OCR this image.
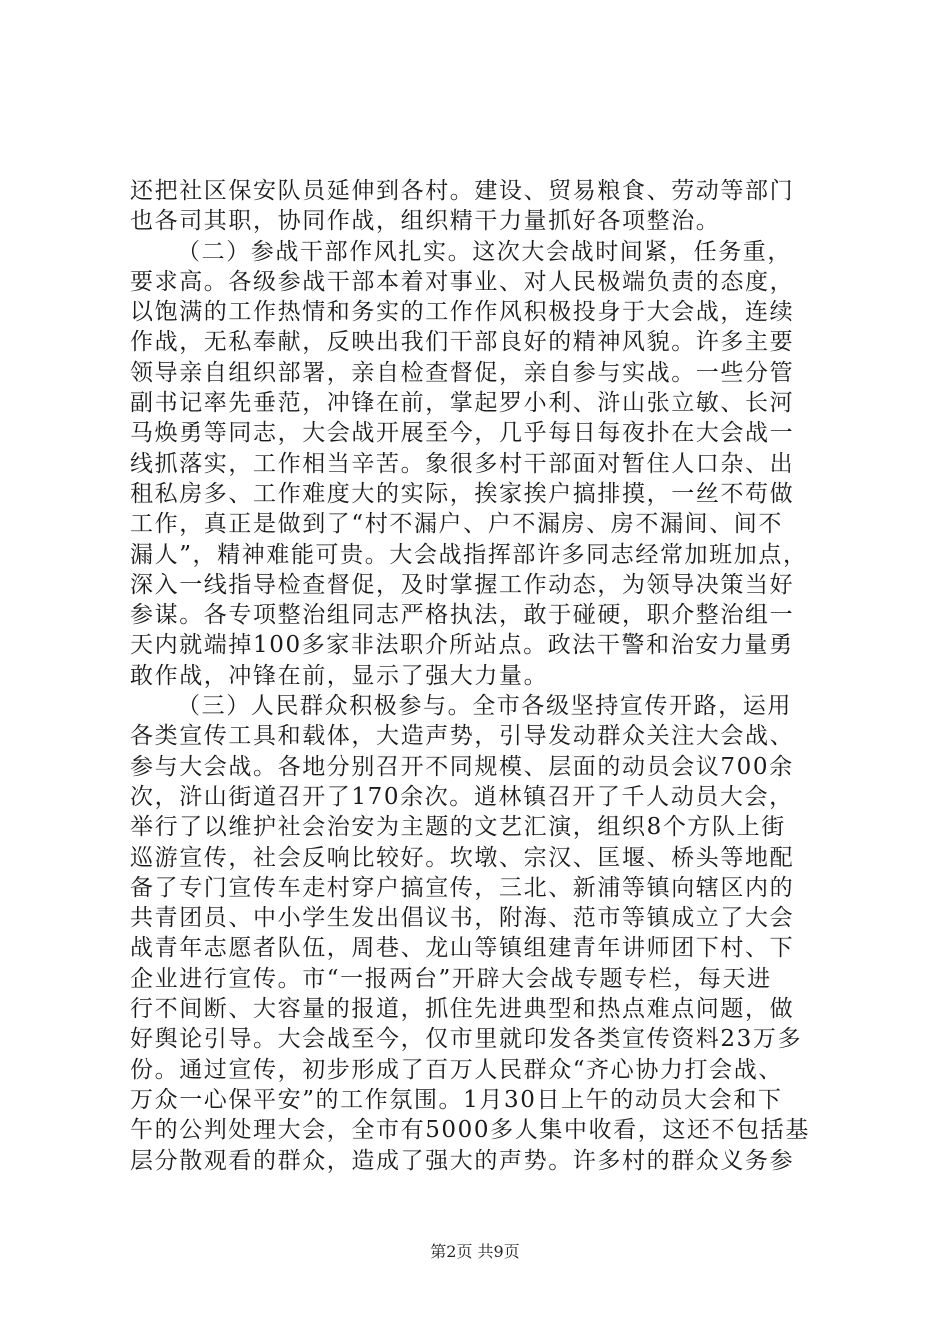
还把社区保安队员延伸到各村。建设、贸易粮食、劳动等部门
也各司其职，协同作战，组织精干力量抓好各项整治。
（二）参战干部作风扎实。这次大会战时间紧，任务重，
要求高。各级参战干部本着对事业、对人民极端负责的态度，
以饱满的工作热情和务实的工作作风积极投身于大会战，连续
作战，无私奉献，反映出我们干部良好的精神风貌。许多主要
领导亲自组织部署，亲自检查督促，亲自参与实战。一些分管
副书记率先垂范，冲锋在前，掌起罗小利、浒山张立敏、长河
马焕勇等同志，大会战开展至今，几乎每日每夜扑在大会战一
线抓落实，工作相当辛苦。象很多村干部面对暂住人口杂、出
租私房多、工作难度大的实际，挨家挨户搞排摸，一丝不苟做
工作，真正是做到了“村不漏户、户不漏房、房不漏间、间不
漏人”，精神难能可贵。大会战指挥部许多同志经常加班加点，
深入一线指导检查督促，及时掌握工作动态，为领导决策当好
参谋。各专项整治组同志严格执法，敢于碰硬，职介整治组一
天内就端掉100多家非法职介所站点。政法干警和治安力量勇
敢作战，冲锋在前，显示了强大力量。
（三）人民群众积极参与。全市各级坚持宣传开路，运用
各类宣传工具和载体，大造声势，引导发动群众关注大会战、
参与大会战。各地分别召开不同规模、层面的动员会议700余
次，浒山街道召开了170余次。逍林镇召开了千人动员大会，
举行了以维护社会治安为主题的文艺汇演，组织8个方队上街
巡游宣传，社会反响比较好。坎墩、宗汉、匡堰、桥头等地配
备了专门宣传车走村穿户搞宣传，三北、新浦等镇向辖区内的
共青团员、中小学生发出倡议书，附海、范市等镇成立了大会
战青年志愿者队伍，周巷、龙山等镇组建青年讲师团下村、下
企业进行宣传。市“一报两台”开辟大会战专题专栏，每天进
行不间断、大容量的报道，抓住先进典型和热点难点问题，做
好舆论引导。大会战至今，仅市里就印发各类宣传资料23万多
份。通过宣传，初步形成了百万人民群众“齐心协力打会战、
万众一心保平安”的工作氛围。1月30日上午的动员大会和下
午的公判处理大会，全市有5000多人集中收看，这还不包括基
层分散观看的群众，造成了强大的声势。许多村的群众义务参
第2页 共9页
